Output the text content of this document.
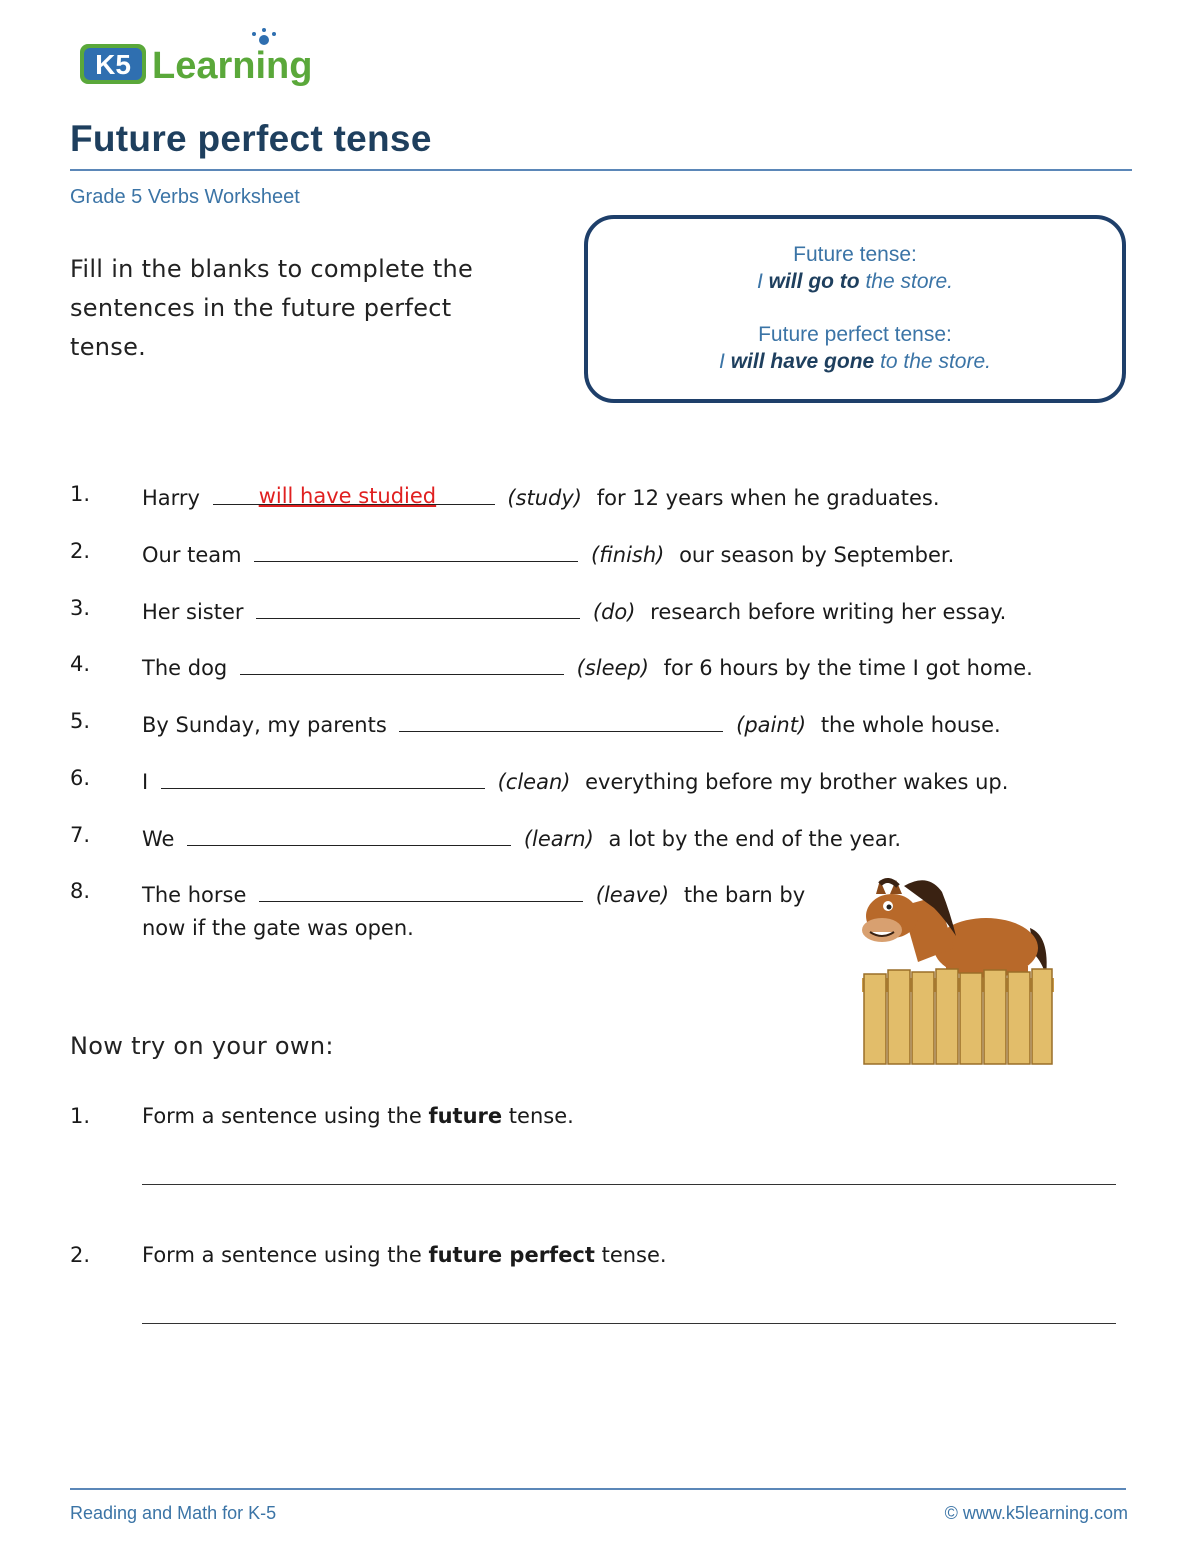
K5 Learning
Future perfect tense
Grade 5 Verbs Worksheet
Fill in the blanks to complete the sentences in the future perfect tense.
Future tense:
I will go to the store.
Future perfect tense:
I will have gone to the store.
1.	Harry	will have studied	(study) for 12 years when he graduates.
2.	Our team	(finish) our season by September.
3.	Her sister	(do) research before writing her essay.
4.	The dog	(sleep) for 6 hours by the time I got home.
5.	By Sunday, my parents	(paint) the whole house.
6.	I	(clean) everything before my brother wakes up.
7.	We	(learn) a lot by the end of the year.
8.	The horse	(leave) the barn by now if the gate was open.
Now try on your own:
1. Form a sentence using the future tense.
2. Form a sentence using the future perfect tense.
Reading and Math for K-5	© www.k5learning.com
